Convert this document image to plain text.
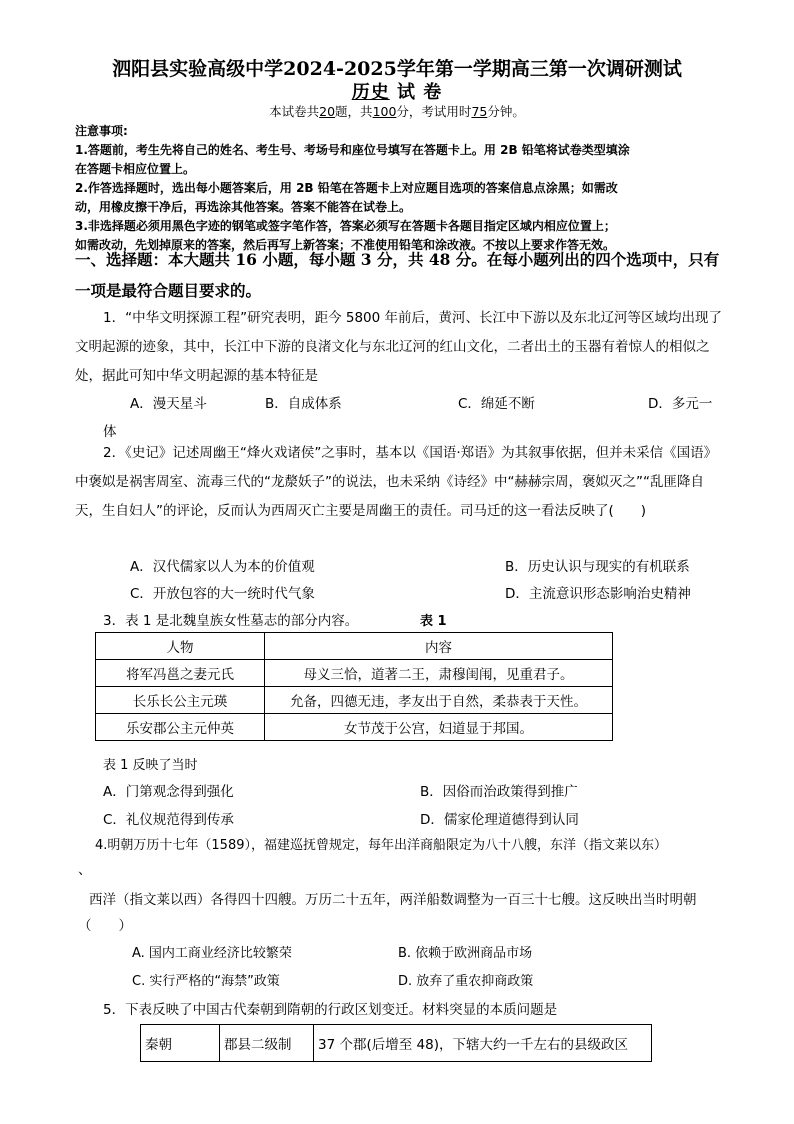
泗阳县实验高级中学2024-2025学年第一学期高三第一次调研测试
历史 试 卷
本试卷共20题，共100分，考试用时75分钟。

注意事项:

1.答题前，考生先将自己的姓名、考生号、考场号和座位号填写在答题卡上。用 2B 铅笔将试卷类型填涂

在答题卡相应位置上。

2.作答选择题时，选出每小题答案后，用 2B 铅笔在答题卡上对应题目选项的答案信息点涂黑；如需改

动，用橡皮擦干净后，再选涂其他答案。答案不能答在试卷上。

3.非选择题必须用黑色字迹的钢笔或签字笔作答，答案必须写在答题卡各题目指定区域内相应位置上；

如需改动，先划掉原来的答案，然后再写上新答案；不准使用铅笔和涂改液。不按以上要求作答无效。

一、选择题：本大题共 16 小题，每小题 3 分，共 48 分。在每小题列出的四个选项中，只有
一项是最符合题目要求的。
1．“中华文明探源工程”研究表明，距今 5800 年前后，黄河、长江中下游以及东北辽河等区域均出现了文明起源的迹象，其中，长江中下游的良渚文化与东北辽河的红山文化，二者出土的玉器有着惊人的相似之处，据此可知中华文明起源的基本特征是
A．漫天星斗	B．自成体系	C．绵延不断	D．多元一
体
2．《史记》记述周幽王“烽火戏诸侯”之事时，基本以《国语·郑语》为其叙事依据，但并未采信《国语》中褒姒是祸害周室、流毒三代的“龙漦妖子”的说法，也未采纳《诗经》中“赫赫宗周，褒姒灭之”“乱匪降自天，生自妇人”的评论，反而认为西周灭亡主要是周幽王的责任。司马迁的这一看法反映了(　　)
A．汉代儒家以人为本的价值观	B．历史认识与现实的有机联系
C．开放包容的大一统时代气象	D．主流意识形态影响治史精神
3．表 1 是北魏皇族女性墓志的部分内容。	表 1
人物	内容
将军冯邕之妻元氏	母义三恰，道著二王，肃穆闺闱，见重君子。
长乐长公主元瑛	允备，四德无违，孝友出于自然，柔恭表于天性。
乐安郡公主元仲英	女节茂于公宫，妇道显于邦国。
表 1 反映了当时
A．门第观念得到强化	B．因俗而治政策得到推广
C．礼仪规范得到传承	D．儒家伦理道德得到认同
4.明朝万历十七年（1589），福建巡抚曾规定，每年出洋商船限定为八十八艘，东洋（指文莱以东）
、
西洋（指文莱以西）各得四十四艘。万历二十五年，两洋船数调整为一百三十七艘。这反映出当时明朝
（　　）
A. 国内工商业经济比较繁荣	B. 依赖于欧洲商品市场
C. 实行严格的“海禁”政策	D. 放弃了重农抑商政策
5．下表反映了中国古代秦朝到隋朝的行政区划变迁。材料突显的本质问题是
秦朝	郡县二级制	37 个郡(后增至 48)，下辖大约一千左右的县级政区
